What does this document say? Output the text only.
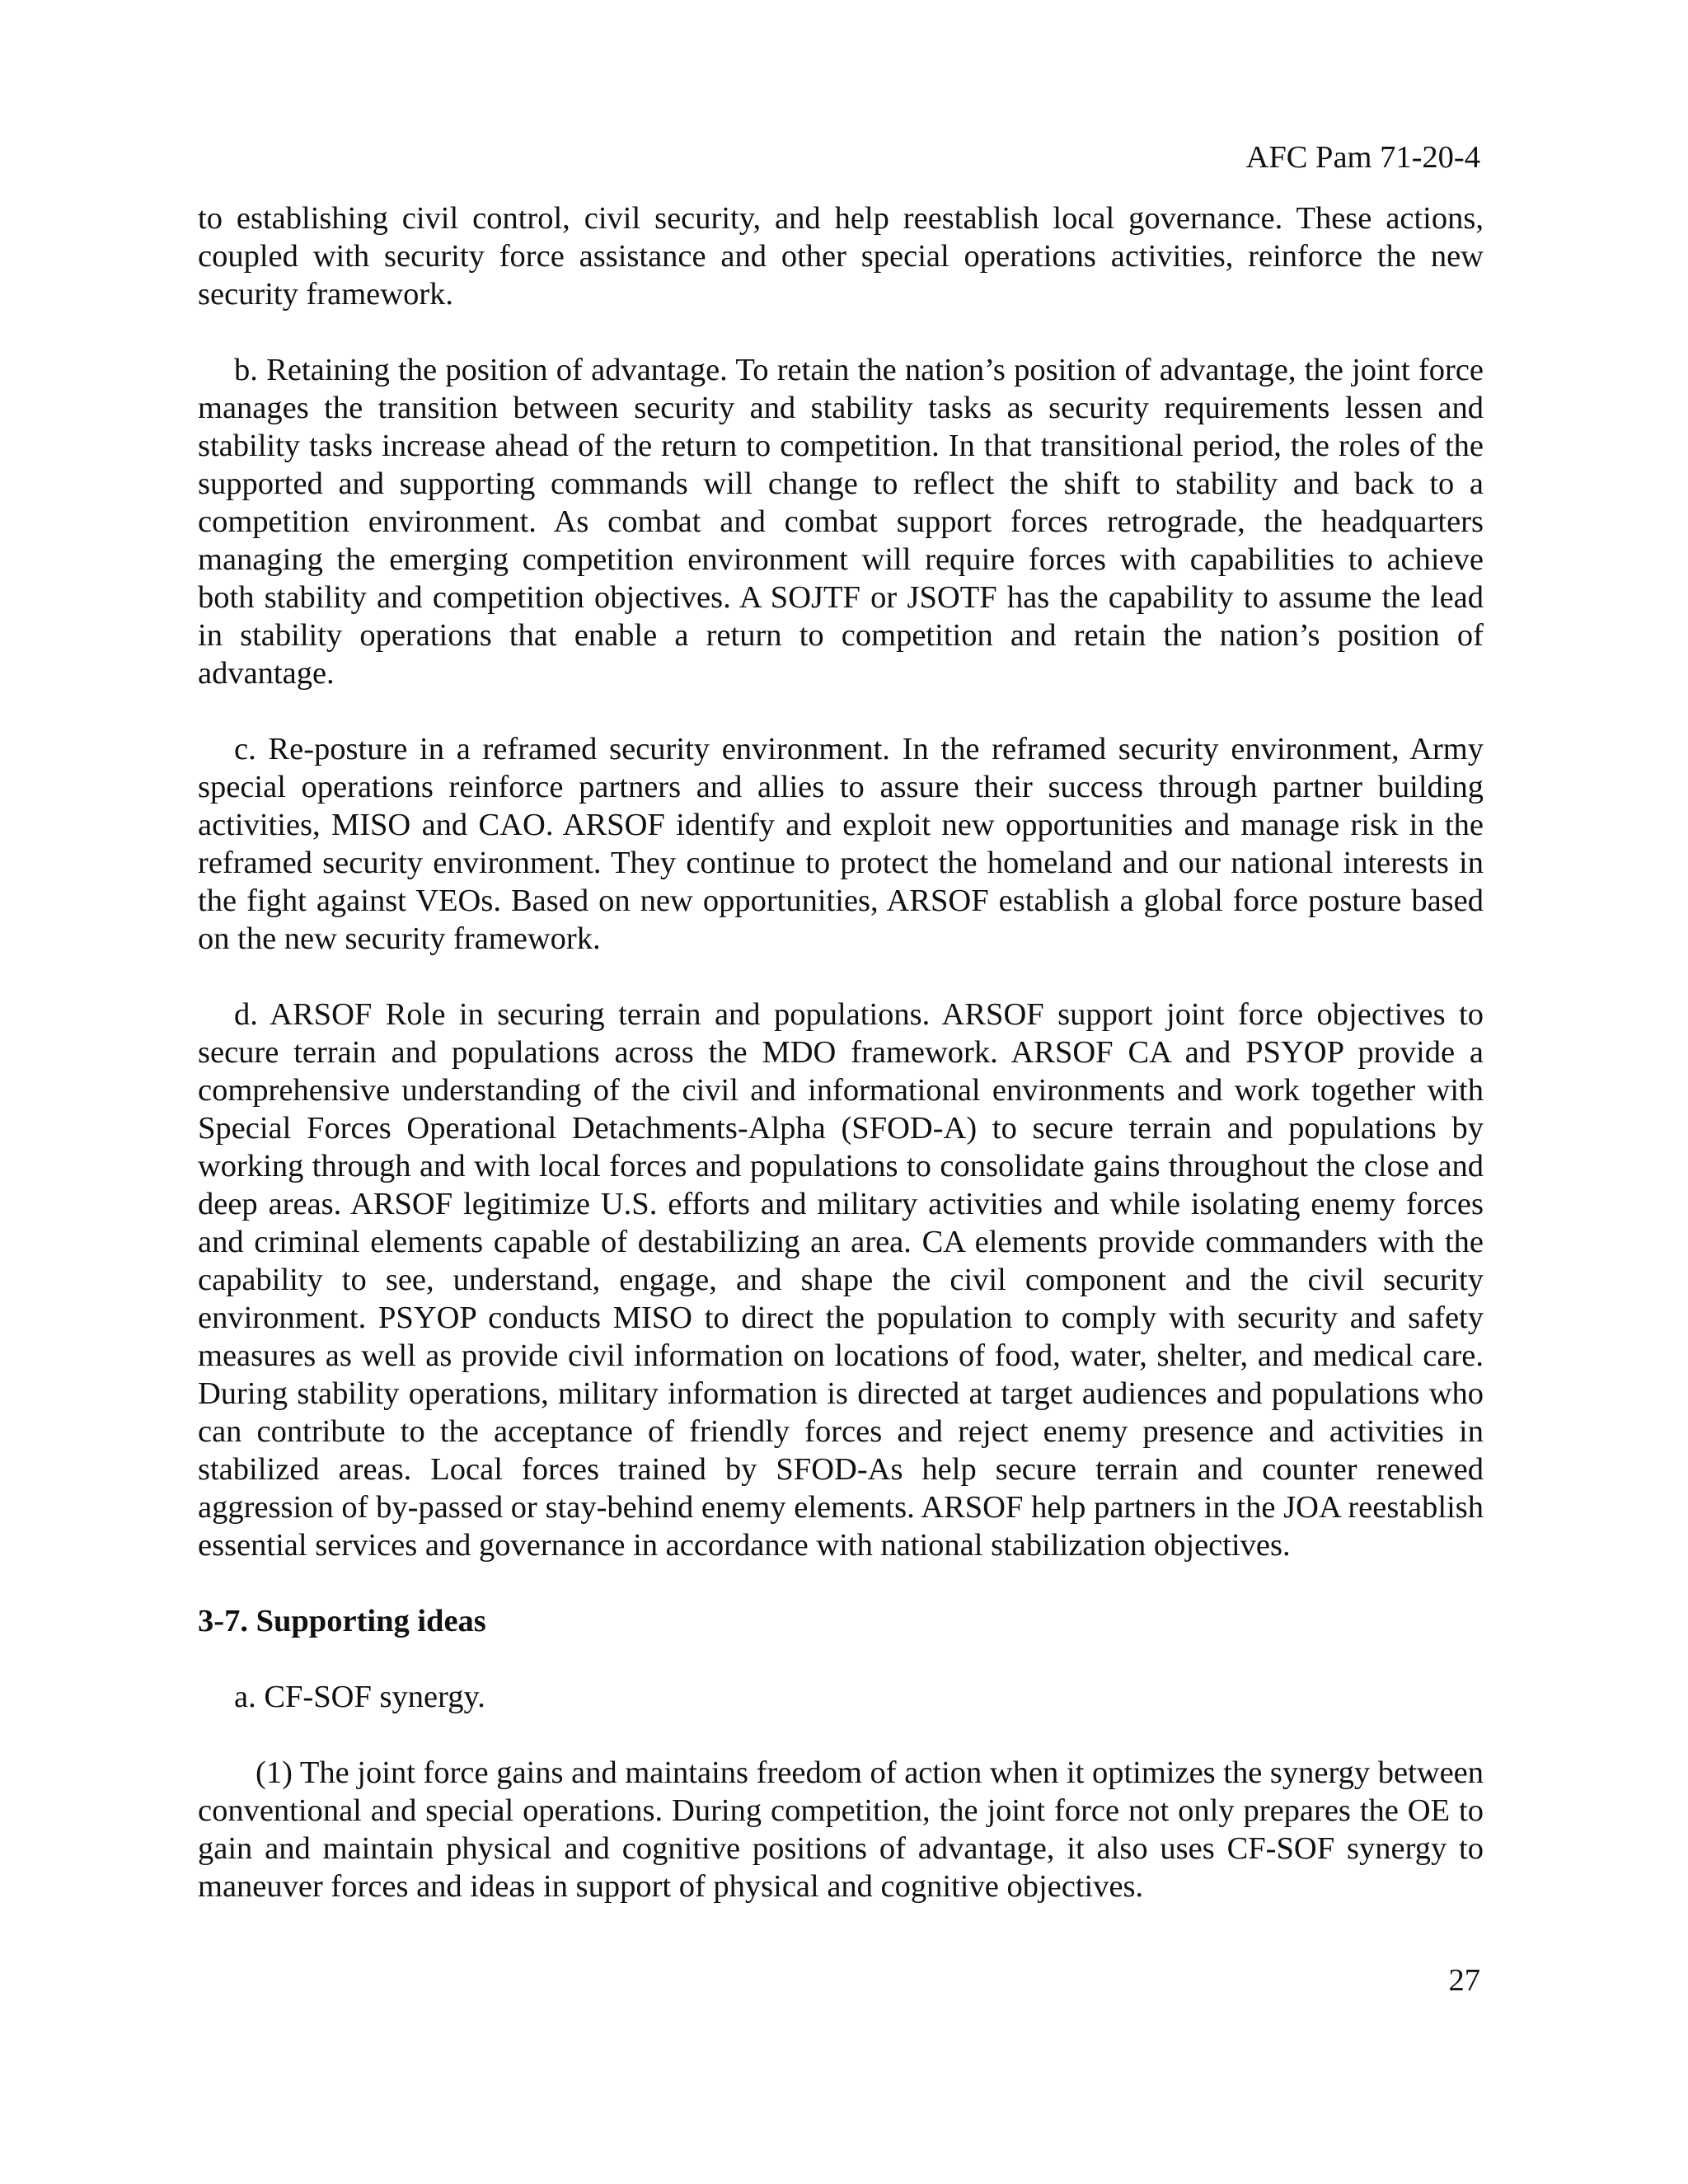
AFC Pam 71-20-4

to establishing civil control, civil security, and help reestablish local governance. These actions, coupled with security force assistance and other special operations activities, reinforce the new security framework.

b. Retaining the position of advantage. To retain the nation’s position of advantage, the joint force manages the transition between security and stability tasks as security requirements lessen and stability tasks increase ahead of the return to competition. In that transitional period, the roles of the supported and supporting commands will change to reflect the shift to stability and back to a competition environment. As combat and combat support forces retrograde, the headquarters managing the emerging competition environment will require forces with capabilities to achieve both stability and competition objectives. A SOJTF or JSOTF has the capability to assume the lead in stability operations that enable a return to competition and retain the nation’s position of advantage.

c. Re-posture in a reframed security environment. In the reframed security environment, Army special operations reinforce partners and allies to assure their success through partner building activities, MISO and CAO. ARSOF identify and exploit new opportunities and manage risk in the reframed security environment. They continue to protect the homeland and our national interests in the fight against VEOs. Based on new opportunities, ARSOF establish a global force posture based on the new security framework.

d. ARSOF Role in securing terrain and populations. ARSOF support joint force objectives to secure terrain and populations across the MDO framework. ARSOF CA and PSYOP provide a comprehensive understanding of the civil and informational environments and work together with Special Forces Operational Detachments-Alpha (SFOD-A) to secure terrain and populations by working through and with local forces and populations to consolidate gains throughout the close and deep areas. ARSOF legitimize U.S. efforts and military activities and while isolating enemy forces and criminal elements capable of destabilizing an area. CA elements provide commanders with the capability to see, understand, engage, and shape the civil component and the civil security environment. PSYOP conducts MISO to direct the population to comply with security and safety measures as well as provide civil information on locations of food, water, shelter, and medical care. During stability operations, military information is directed at target audiences and populations who can contribute to the acceptance of friendly forces and reject enemy presence and activities in stabilized areas. Local forces trained by SFOD-As help secure terrain and counter renewed aggression of by-passed or stay-behind enemy elements. ARSOF help partners in the JOA reestablish essential services and governance in accordance with national stabilization objectives.

3-7. Supporting ideas

a. CF-SOF synergy.

(1) The joint force gains and maintains freedom of action when it optimizes the synergy between conventional and special operations. During competition, the joint force not only prepares the OE to gain and maintain physical and cognitive positions of advantage, it also uses CF-SOF synergy to maneuver forces and ideas in support of physical and cognitive objectives.

27
